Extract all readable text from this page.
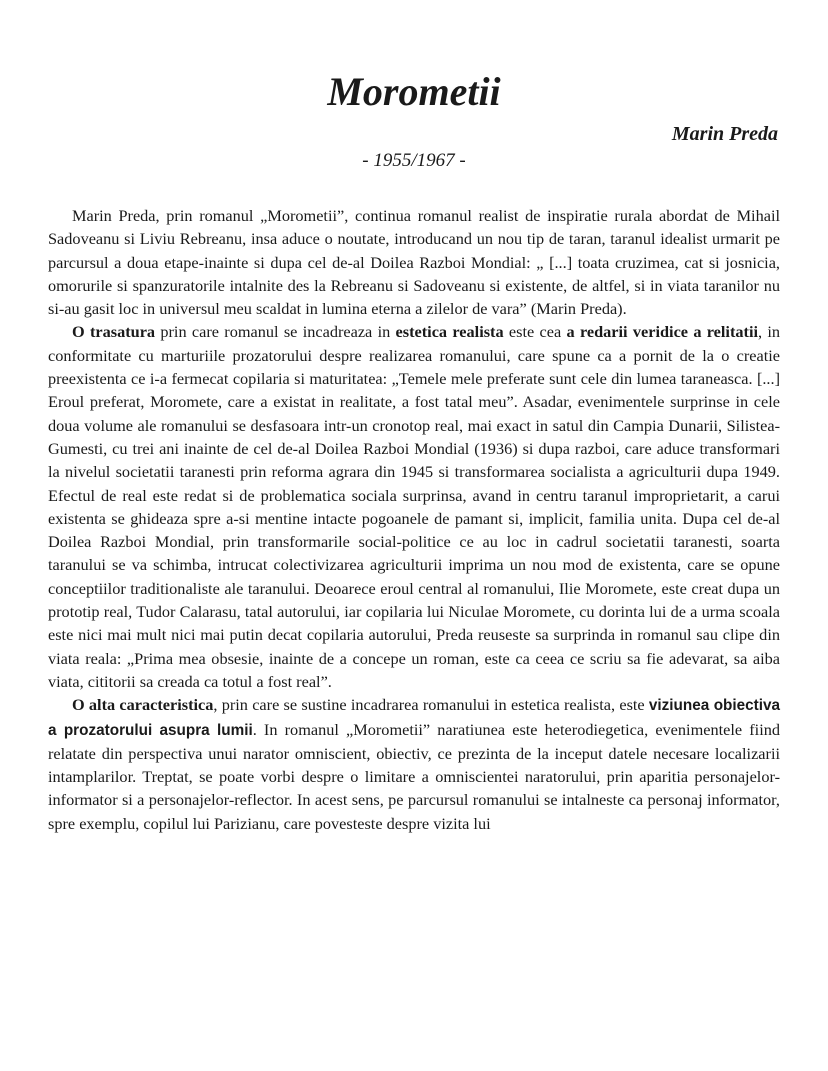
Morometii
Marin Preda
- 1955/1967 -

Marin Preda, prin romanul „Morometii”, continua romanul realist de inspiratie rurala abordat de Mihail Sadoveanu si Liviu Rebreanu, insa aduce o noutate, introducand un nou tip de taran, taranul idealist urmarit pe parcursul a doua etape-inainte si dupa cel de-al Doilea Razboi Mondial: „ [...] toata cruzimea, cat si josnicia, omorurile si spanzuratorile intalnite des la Rebreanu si Sadoveanu si existente, de altfel, si in viata taranilor nu si-au gasit loc in universul meu scaldat in lumina eterna a zilelor de vara” (Marin Preda).

O trasatura prin care romanul se incadreaza in estetica realista este cea a redarii veridice a relitatii, in conformitate cu marturiile prozatorului despre realizarea romanului, care spune ca a pornit de la o creatie preexistenta ce i-a fermecat copilaria si maturitatea: „Temele mele preferate sunt cele din lumea taraneasca. [...] Eroul preferat, Moromete, care a existat in realitate, a fost tatal meu”. Asadar, evenimentele surprinse in cele doua volume ale romanului se desfasoara intr-un cronotop real, mai exact in satul din Campia Dunarii, Silistea-Gumesti, cu trei ani inainte de cel de-al Doilea Razboi Mondial (1936) si dupa razboi, care aduce transformari la nivelul societatii taranesti prin reforma agrara din 1945 si transformarea socialista a agriculturii dupa 1949. Efectul de real este redat si de problematica sociala surprinsa, avand in centru taranul improprietarit, a carui existenta se ghideaza spre a-si mentine intacte pogoanele de pamant si, implicit, familia unita. Dupa cel de-al Doilea Razboi Mondial, prin transformarile social-politice ce au loc in cadrul societatii taranesti, soarta taranului se va schimba, intrucat colectivizarea agriculturii imprima un nou mod de existenta, care se opune conceptiilor traditionaliste ale taranului. Deoarece eroul central al romanului, Ilie Moromete, este creat dupa un prototip real, Tudor Calarasu, tatal autorului, iar copilaria lui Niculae Moromete, cu dorinta lui de a urma scoala este nici mai mult nici mai putin decat copilaria autorului, Preda reuseste sa surprinda in romanul sau clipe din viata reala: „Prima mea obsesie, inainte de a concepe un roman, este ca ceea ce scriu sa fie adevarat, sa aiba viata, cititorii sa creada ca totul a fost real”.

O alta caracteristica, prin care se sustine incadrarea romanului in estetica realista, este viziunea obiectiva a prozatorului asupra lumii. In romanul „Morometii” naratiunea este heterodiegetica, evenimentele fiind relatate din perspectiva unui narator omniscient, obiectiv, ce prezinta de la inceput datele necesare localizarii intamplarilor. Treptat, se poate vorbi despre o limitare a omniscientei naratorului, prin aparitia personajelor-informator si a personajelor-reflector. In acest sens, pe parcursul romanului se intalneste ca personaj informator, spre exemplu, copilul lui Parizianu, care povesteste despre vizita lui
